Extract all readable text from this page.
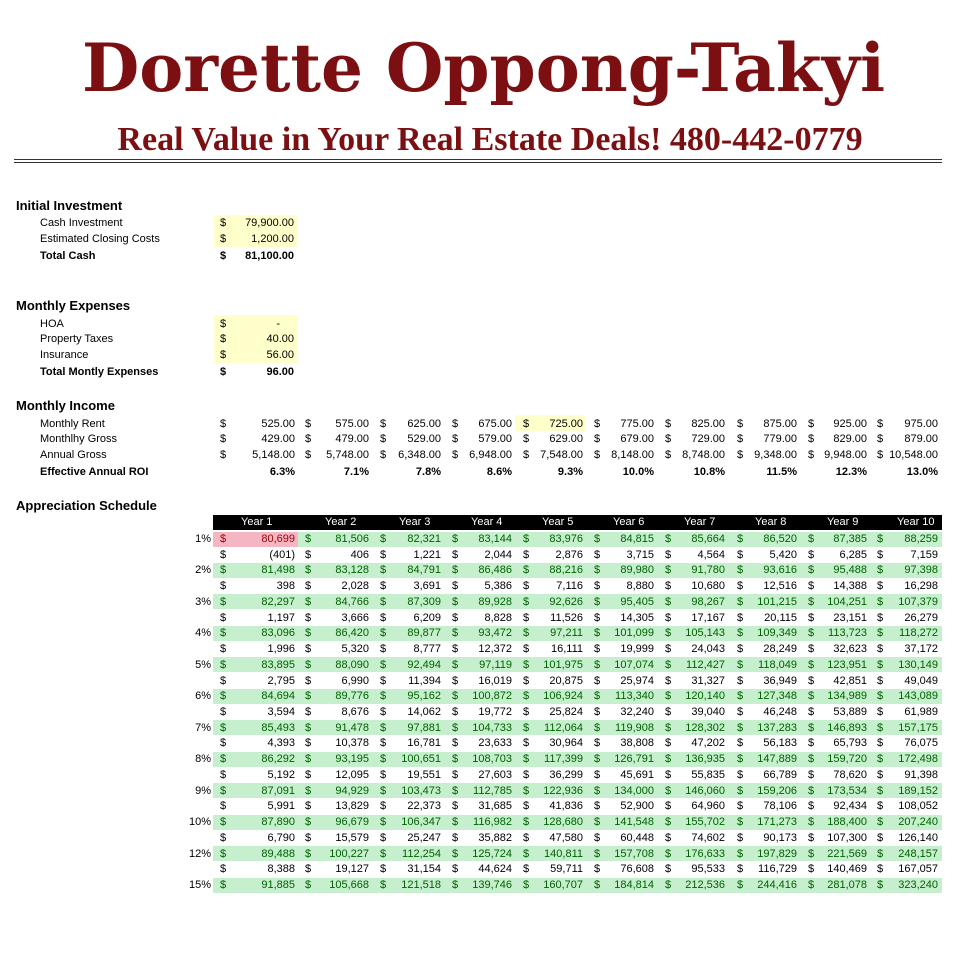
Dorette Oppong-Takyi
Real Value in Your Real Estate Deals! 480-442-0779
Initial Investment
Cash Investment	$	79,900.00
Estimated Closing Costs	$	1,200.00
Total Cash	$	81,100.00
Monthly Expenses
HOA	$	-
Property Taxes	$	40.00
Insurance	$	56.00
Total Montly Expenses	$	96.00
Monthly Income
Monthly Rent	$	525.00 $	575.00 $	625.00 $	675.00 $	725.00 $	775.00 $	825.00 $	875.00 $	925.00 $	975.00
Monthlhy Gross	$	429.00 $	479.00 $	529.00 $	579.00 $	629.00 $	679.00 $	729.00 $	779.00 $	829.00 $	879.00
Annual Gross	$	5,148.00 $	5,748.00 $	6,348.00 $	6,948.00 $	7,548.00 $	8,148.00 $	8,748.00 $	9,348.00 $ 9,948.00 $ 10,548.00
Effective Annual ROI	6.3%	7.1%	7.8%	8.6%	9.3%	10.0%	10.8%	11.5%	12.3%	13.0%
Appreciation Schedule
Year 1	Year 2	Year 3	Year 4	Year 5	Year 6	Year 7	Year 8	Year 9	Year 10
1% $	80,699 $	81,506 $	82,321 $	83,144 $	83,976 $	84,815 $	85,664 $	86,520 $	87,385 $	88,259
$	(401) $	406 $	1,221 $	2,044 $	2,876 $	3,715 $	4,564 $	5,420 $	6,285 $	7,159
2% $	81,498 $	83,128 $	84,791 $	86,486 $	88,216 $	89,980 $	91,780 $	93,616 $	95,488 $	97,398
$	398 $	2,028 $	3,691 $	5,386 $	7,116 $	8,880 $	10,680 $	12,516 $	14,388 $	16,298
3% $	82,297 $	84,766 $	87,309 $	89,928 $	92,626 $	95,405 $	98,267 $	101,215 $	104,251 $	107,379
$	1,197 $	3,666 $	6,209 $	8,828 $	11,526 $	14,305 $	17,167 $	20,115 $	23,151 $	26,279
4% $	83,096 $	86,420 $	89,877 $	93,472 $	97,211 $	101,099 $	105,143 $	109,349 $	113,723 $	118,272
$	1,996 $	5,320 $	8,777 $	12,372 $	16,111 $	19,999 $	24,043 $	28,249 $	32,623 $	37,172
5% $	83,895 $	88,090 $	92,494 $	97,119 $	101,975 $	107,074 $	112,427 $	118,049 $	123,951 $	130,149
$	2,795 $	6,990 $	11,394 $	16,019 $	20,875 $	25,974 $	31,327 $	36,949 $	42,851 $	49,049
6% $	84,694 $	89,776 $	95,162 $	100,872 $	106,924 $	113,340 $	120,140 $	127,348 $	134,989 $	143,089
$	3,594 $	8,676 $	14,062 $	19,772 $	25,824 $	32,240 $	39,040 $	46,248 $	53,889 $	61,989
7% $	85,493 $	91,478 $	97,881 $	104,733 $	112,064 $	119,908 $	128,302 $	137,283 $	146,893 $	157,175
$	4,393 $	10,378 $	16,781 $	23,633 $	30,964 $	38,808 $	47,202 $	56,183 $	65,793 $	76,075
8% $	86,292 $	93,195 $	100,651 $	108,703 $	117,399 $	126,791 $	136,935 $	147,889 $	159,720 $	172,498
$	5,192 $	12,095 $	19,551 $	27,603 $	36,299 $	45,691 $	55,835 $	66,789 $	78,620 $	91,398
9% $	87,091 $	94,929 $	103,473 $	112,785 $	122,936 $	134,000 $	146,060 $	159,206 $	173,534 $	189,152
$	5,991 $	13,829 $	22,373 $	31,685 $	41,836 $	52,900 $	64,960 $	78,106 $	92,434 $	108,052
10% $	87,890 $	96,679 $	106,347 $	116,982 $	128,680 $	141,548 $	155,702 $	171,273 $	188,400 $	207,240
$	6,790 $	15,579 $	25,247 $	35,882 $	47,580 $	60,448 $	74,602 $	90,173 $	107,300 $	126,140
12% $	89,488 $	100,227 $	112,254 $	125,724 $	140,811 $	157,708 $	176,633 $	197,829 $	221,569 $	248,157
$	8,388 $	19,127 $	31,154 $	44,624 $	59,711 $	76,608 $	95,533 $	116,729 $	140,469 $	167,057
15% $	91,885 $	105,668 $	121,518 $	139,746 $	160,707 $	184,814 $	212,536 $	244,416 $	281,078 $	323,240
